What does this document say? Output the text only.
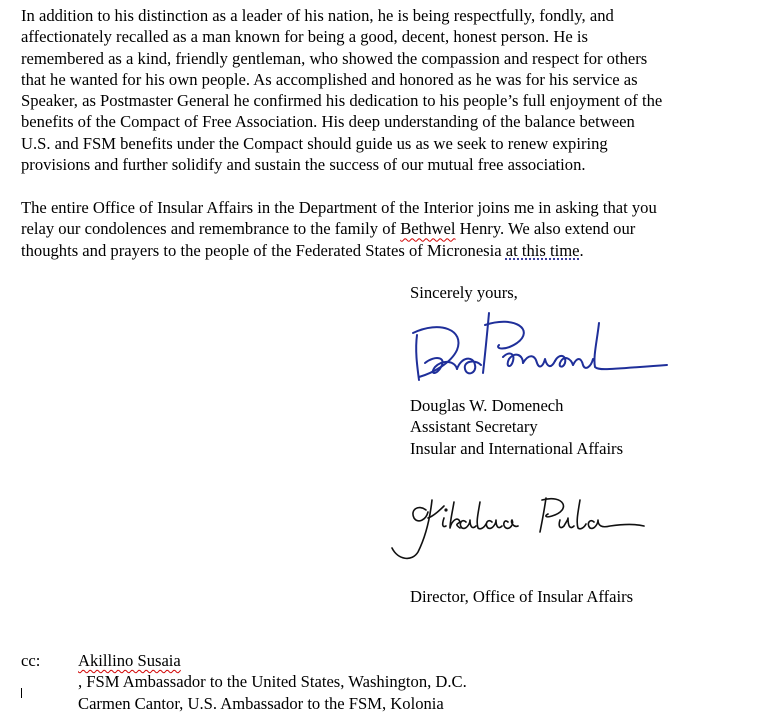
In addition to his distinction as a leader of his nation, he is being respectfully, fondly, and
affectionately recalled as a man known for being a good, decent, honest person. He is
remembered as a kind, friendly gentleman, who showed the compassion and respect for others
that he wanted for his own people. As accomplished and honored as he was for his service as
Speaker, as Postmaster General he confirmed his dedication to his people’s full enjoyment of the
benefits of the Compact of Free Association. His deep understanding of the balance between
U.S. and FSM benefits under the Compact should guide us as we seek to renew expiring
provisions and further solidify and sustain the success of our mutual free association.

The entire Office of Insular Affairs in the Department of the Interior joins me in asking that you
relay our condolences and remembrance to the family of Bethwel Henry. We also extend our
thoughts and prayers to the people of the Federated States of Micronesia at this time.

Sincerely yours,
Douglas W. Domenech
Assistant Secretary
Insular and International Affairs
Director, Office of Insular Affairs
cc: Akillino Susaia
, FSM Ambassador to the United States, Washington, D.C.
Carmen Cantor, U.S. Ambassador to the FSM, Kolonia
